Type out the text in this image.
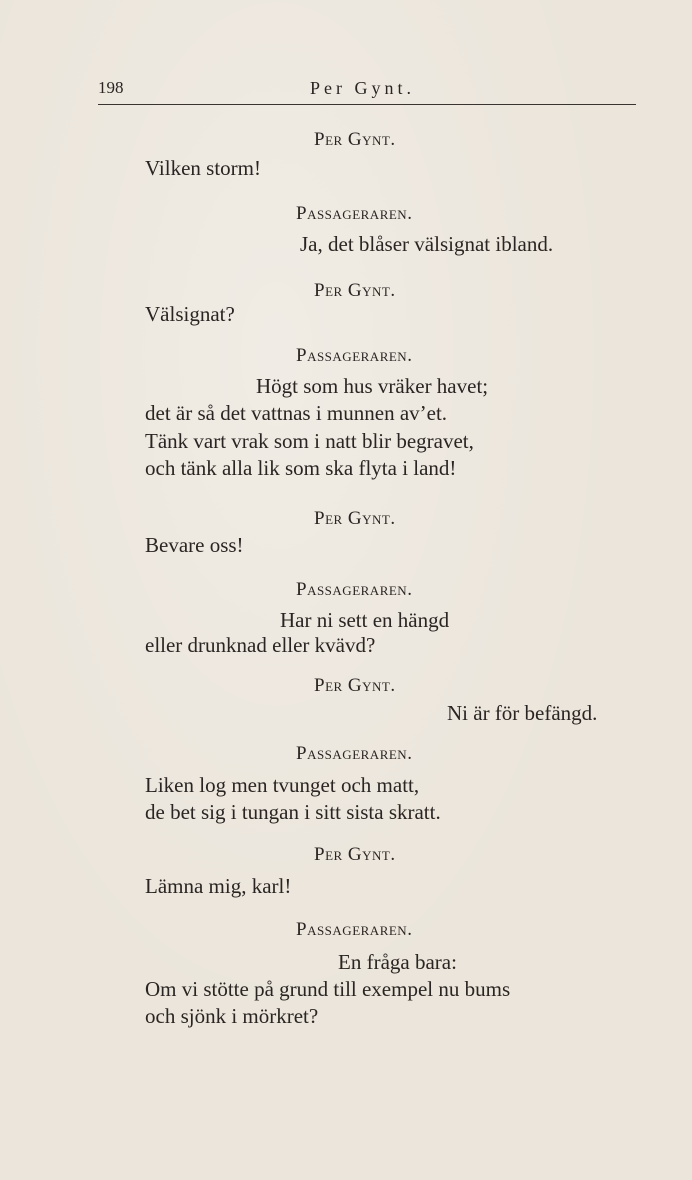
198	Per Gynt.
Per Gynt.
Vilken storm!
Passageraren.
Ja, det blåser välsignat ibland.
Per Gynt.
Välsignat?
Passageraren.
Högt som hus vräker havet;
det är så det vattnas i munnen av’et.
Tänk vart vrak som i natt blir begravet,
och tänk alla lik som ska flyta i land!
Per Gynt.
Bevare oss!
Passageraren.
Har ni sett en hängd
eller drunknad eller kvävd?
Per Gynt.
Ni är för befängd.
Passageraren.
Liken log men tvunget och matt,
de bet sig i tungan i sitt sista skratt.
Per Gynt.
Lämna mig, karl!
Passageraren.
En fråga bara:
Om vi stötte på grund till exempel nu bums
och sjönk i mörkret?
